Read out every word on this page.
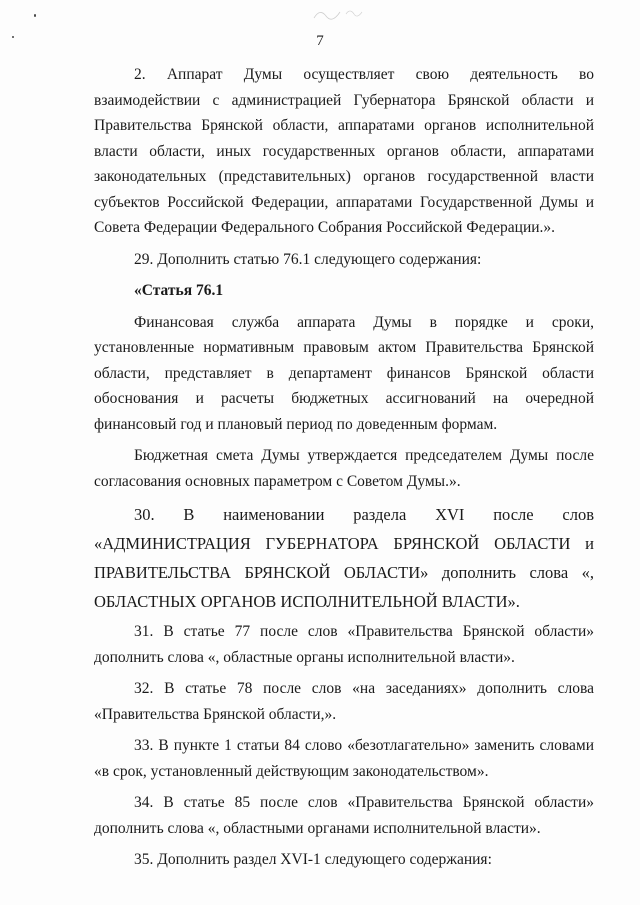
7

2. Аппарат Думы осуществляет свою деятельность во взаимодействии с администрацией Губернатора Брянской области и Правительства Брянской области, аппаратами органов исполнительной власти области, иных государственных органов области, аппаратами законодательных (представительных) органов государственной власти субъектов Российской Федерации, аппаратами Государственной Думы и Совета Федерации Федерального Собрания Российской Федерации.».

29. Дополнить статью 76.1 следующего содержания:

«Статья 76.1

Финансовая служба аппарата Думы в порядке и сроки, установленные нормативным правовым актом Правительства Брянской области, представляет в департамент финансов Брянской области обоснования и расчеты бюджетных ассигнований на очередной финансовый год и плановый период по доведенным формам.

Бюджетная смета Думы утверждается председателем Думы после согласования основных параметром с Советом Думы.».

30. В наименовании раздела XVI после слов «АДМИНИСТРАЦИЯ ГУБЕРНАТОРА БРЯНСКОЙ ОБЛАСТИ и ПРАВИТЕЛЬСТВА БРЯНСКОЙ ОБЛАСТИ» дополнить слова «, ОБЛАСТНЫХ ОРГАНОВ ИСПОЛНИТЕЛЬНОЙ ВЛАСТИ».

31. В статье 77 после слов «Правительства Брянской области» дополнить слова «, областные органы исполнительной власти».

32. В статье 78 после слов «на заседаниях» дополнить слова «Правительства Брянской области,».

33. В пункте 1 статьи 84 слово «безотлагательно» заменить словами «в срок, установленный действующим законодательством».

34. В статье 85 после слов «Правительства Брянской области» дополнить слова «, областными органами исполнительной власти».

35. Дополнить раздел XVI-1 следующего содержания:
